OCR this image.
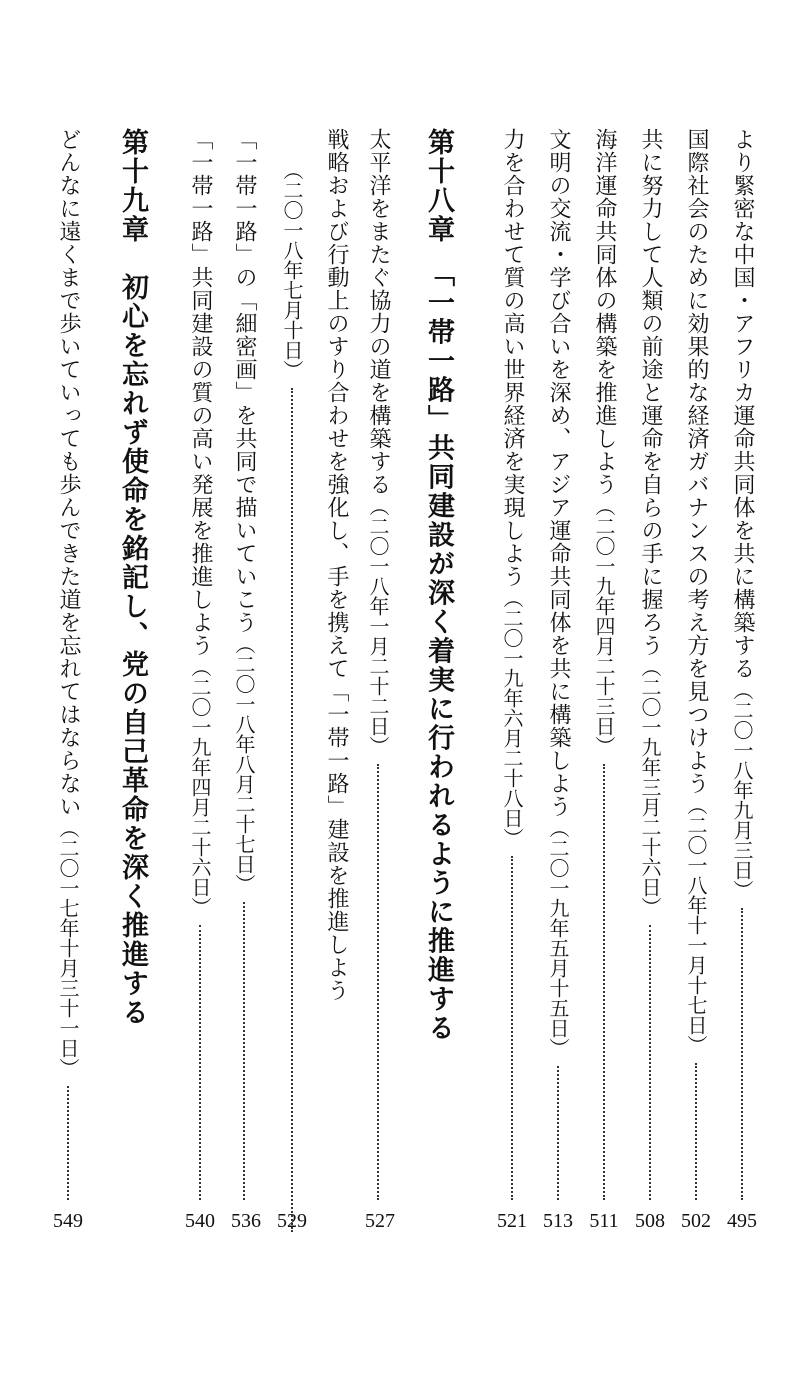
より緊密な中国・アフリカ運命共同体を共に構築する（二〇一八年九月三日）
495
国際社会のために効果的な経済ガバナンスの考え方を見つけよう（二〇一八年十一月十七日）
502
共に努力して人類の前途と運命を自らの手に握ろう（二〇一九年三月二十六日）
508
海洋運命共同体の構築を推進しよう（二〇一九年四月二十三日）
511
文明の交流・学び合いを深め、アジア運命共同体を共に構築しよう（二〇一九年五月十五日）
513
力を合わせて質の高い世界経済を実現しよう（二〇一九年六月二十八日）
521
第十八章　「一帯一路」共同建設が深く着実に行われるように推進する
太平洋をまたぐ協力の道を構築する（二〇一八年一月二十二日）
527
戦略および行動上のすり合わせを強化し、手を携えて「一帯一路」建設を推進しよう
（二〇一八年七月十日）
529
「一帯一路」の「細密画」を共同で描いていこう（二〇一八年八月二十七日）
536
「一帯一路」共同建設の質の高い発展を推進しよう（二〇一九年四月二十六日）
540
第十九章　初心を忘れず使命を銘記し、党の自己革命を深く推進する
どんなに遠くまで歩いていっても歩んできた道を忘れてはならない（二〇一七年十月三十一日）
549
